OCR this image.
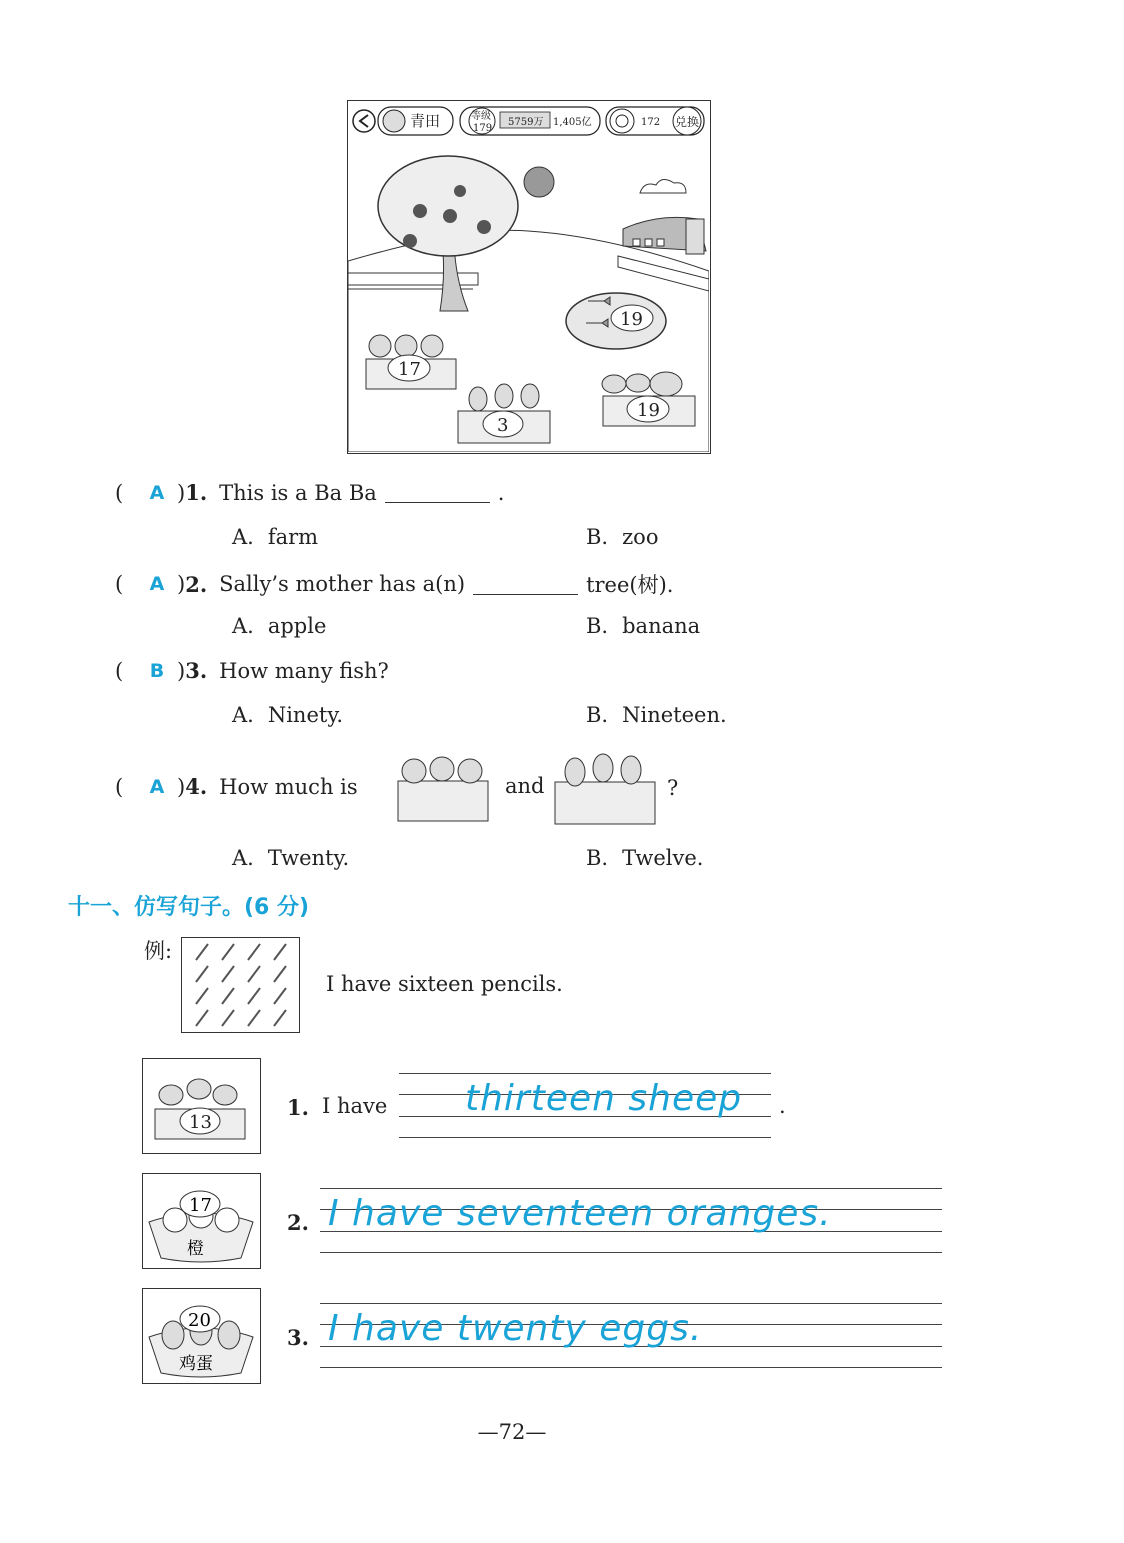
青田	等级
179
5759万 1,405亿	172 兑换
19
17
3
19
(	A ) 1. This is a Ba Ba	.
A. farm	B. zoo
(	A ) 2. Sally’s mother has a(n)	tree(树).
A. apple	B. banana
(	B ) 3. How many fish?
A. Ninety.	B. Nineteen.
(	A ) 4. How much is	and	?
A. Twenty.	B. Twelve.
十一、仿写句子。(6 分)
例:
I have sixteen pencils.
13
1. I have thirteen sheep .
17
橙
2. I have seventeen oranges.
20
鸡蛋
3. I have twenty eggs.
—72—
